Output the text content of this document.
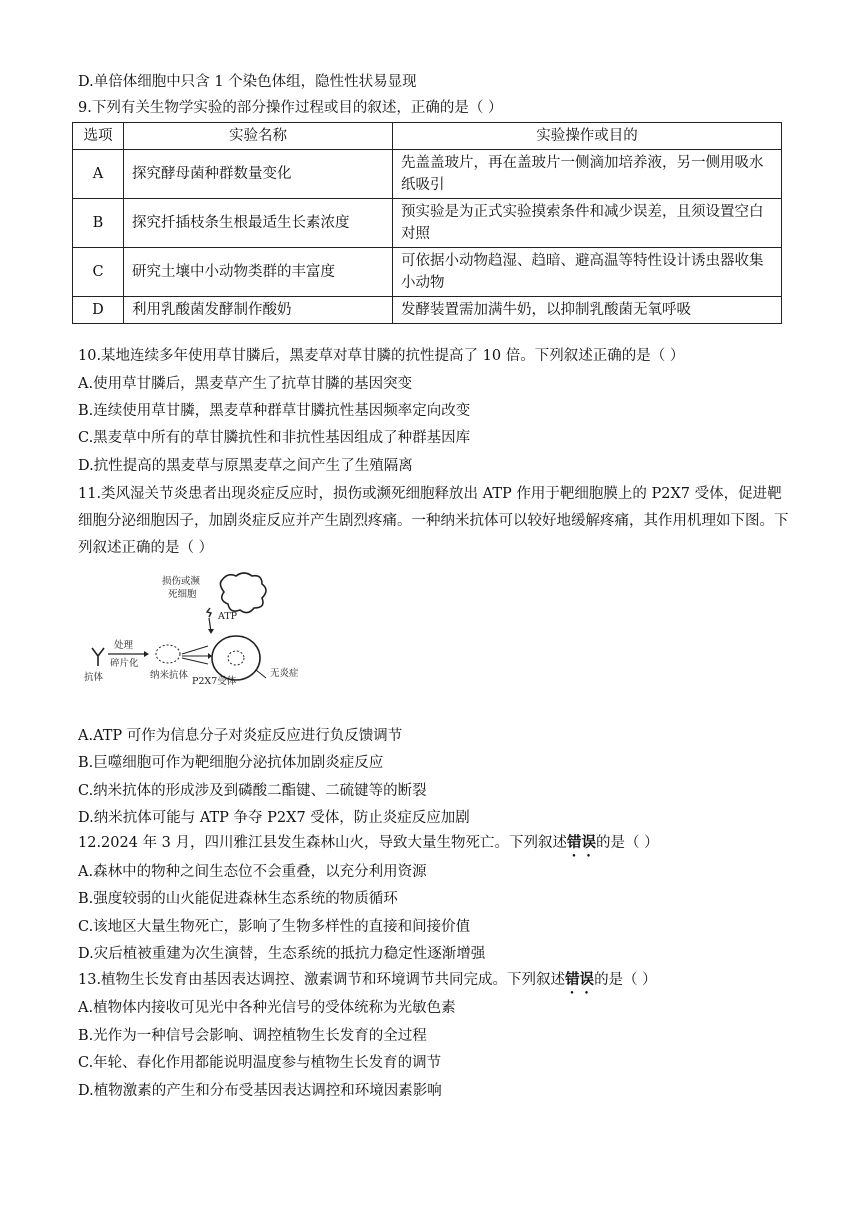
D.单倍体细胞中只含 1 个染色体组，隐性性状易显现
9.下列有关生物学实验的部分操作过程或目的叙述，正确的是（ ）
选项	实验名称	实验操作或目的
A	探究酵母菌种群数量变化	先盖盖玻片，再在盖玻片一侧滴加培养液，另一侧用吸水纸吸引
B	探究扦插枝条生根最适生长素浓度	预实验是为正式实验摸索条件和减少误差，且须设置空白对照
C	研究土壤中小动物类群的丰富度	可依据小动物趋湿、趋暗、避高温等特性设计诱虫器收集小动物
D	利用乳酸菌发酵制作酸奶	发酵装置需加满牛奶，以抑制乳酸菌无氧呼吸
10.某地连续多年使用草甘膦后，黑麦草对草甘膦的抗性提高了 10 倍。下列叙述正确的是（ ）
A.使用草甘膦后，黑麦草产生了抗草甘膦的基因突变
B.连续使用草甘膦，黑麦草种群草甘膦抗性基因频率定向改变
C.黑麦草中所有的草甘膦抗性和非抗性基因组成了种群基因库
D.抗性提高的黑麦草与原黑麦草之间产生了生殖隔离
11.类风湿关节炎患者出现炎症反应时，损伤或濒死细胞释放出 ATP 作用于靶细胞膜上的 P2X7 受体，促进靶细胞分泌细胞因子，加剧炎症反应并产生剧烈疼痛。一种纳米抗体可以较好地缓解疼痛，其作用机理如下图。下列叙述正确的是（ ）
损伤或濒
死细胞
ATP
抗体
处理
碎片化
纳米抗体
P2X7受体
无炎症
A.ATP 可作为信息分子对炎症反应进行负反馈调节
B.巨噬细胞可作为靶细胞分泌抗体加剧炎症反应
C.纳米抗体的形成涉及到磷酸二酯键、二硫键等的断裂
D.纳米抗体可能与 ATP 争夺 P2X7 受体，防止炎症反应加剧
12.2024 年 3 月，四川雅江县发生森林山火，导致大量生物死亡。下列叙述错误的是（ ）
A.森林中的物种之间生态位不会重叠，以充分利用资源
B.强度较弱的山火能促进森林生态系统的物质循环
C.该地区大量生物死亡，影响了生物多样性的直接和间接价值
D.灾后植被重建为次生演替，生态系统的抵抗力稳定性逐渐增强
13.植物生长发育由基因表达调控、激素调节和环境调节共同完成。下列叙述错误的是（ ）
A.植物体内接收可见光中各种光信号的受体统称为光敏色素
B.光作为一种信号会影响、调控植物生长发育的全过程
C.年轮、春化作用都能说明温度参与植物生长发育的调节
D.植物激素的产生和分布受基因表达调控和环境因素影响
